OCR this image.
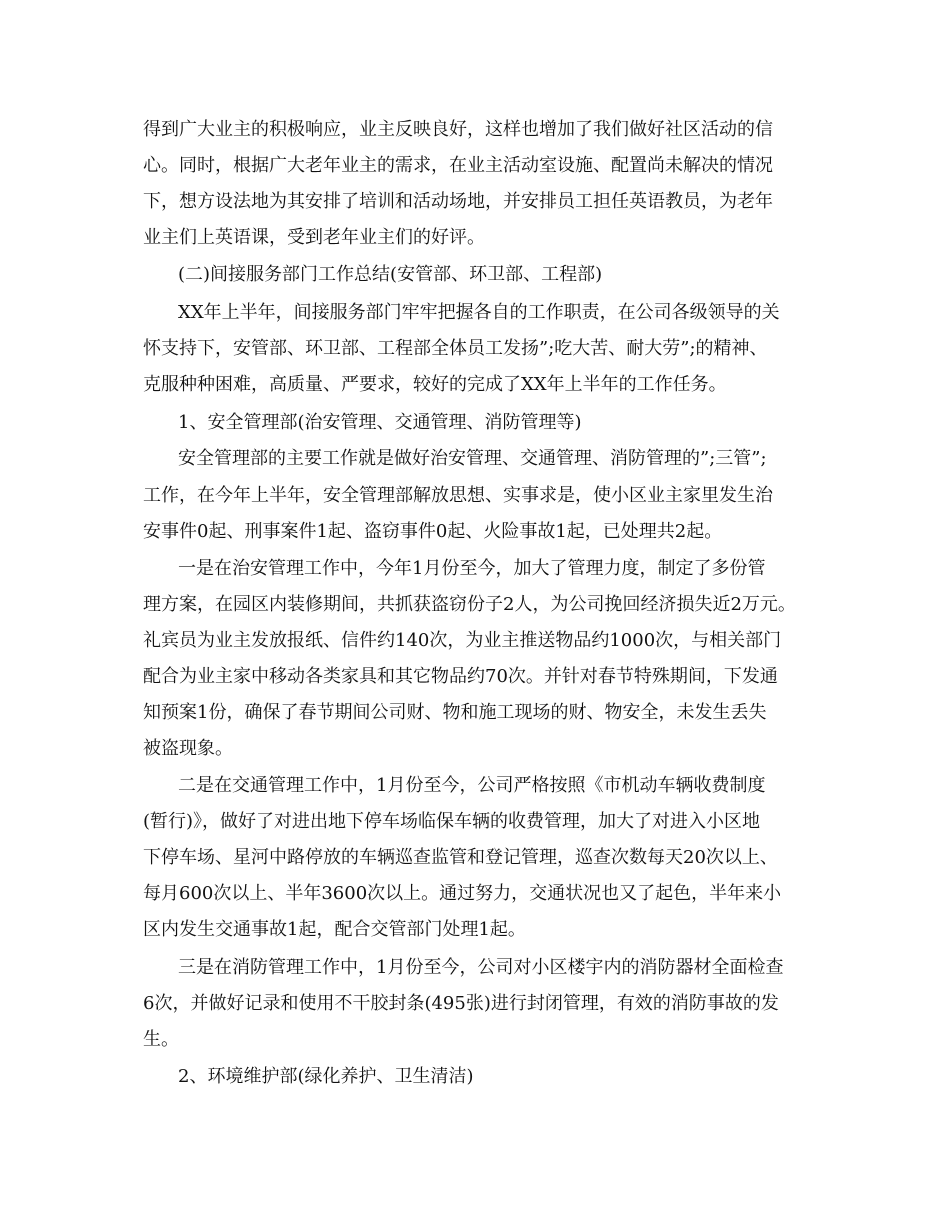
得到广大业主的积极响应，业主反映良好，这样也增加了我们做好社区活动的信
心。同时，根据广大老年业主的需求，在业主活动室设施、配置尚未解决的情况
下，想方设法地为其安排了培训和活动场地，并安排员工担任英语教员，为老年
业主们上英语课，受到老年业主们的好评。
(二)间接服务部门工作总结(安管部、环卫部、工程部)
XX年上半年，间接服务部门牢牢把握各自的工作职责，在公司各级领导的关
怀支持下，安管部、环卫部、工程部全体员工发扬”;吃大苦、耐大劳”;的精神、
克服种种困难，高质量、严要求，较好的完成了XX年上半年的工作任务。
1、安全管理部(治安管理、交通管理、消防管理等)
安全管理部的主要工作就是做好治安管理、交通管理、消防管理的”;三管”;
工作，在今年上半年，安全管理部解放思想、实事求是，使小区业主家里发生治
安事件0起、刑事案件1起、盗窃事件0起、火险事故1起，已处理共2起。
一是在治安管理工作中，今年1月份至今，加大了管理力度，制定了多份管
理方案，在园区内装修期间，共抓获盗窃份子2人，为公司挽回经济损失近2万元。
礼宾员为业主发放报纸、信件约140次，为业主推送物品约1000次，与相关部门
配合为业主家中移动各类家具和其它物品约70次。并针对春节特殊期间，下发通
知预案1份，确保了春节期间公司财、物和施工现场的财、物安全，未发生丢失
被盗现象。
二是在交通管理工作中，1月份至今，公司严格按照《市机动车辆收费制度
(暂行)》，做好了对进出地下停车场临保车辆的收费管理，加大了对进入小区地
下停车场、星河中路停放的车辆巡查监管和登记管理，巡查次数每天20次以上、
每月600次以上、半年3600次以上。通过努力，交通状况也又了起色，半年来小
区内发生交通事故1起，配合交管部门处理1起。
三是在消防管理工作中，1月份至今，公司对小区楼宇内的消防器材全面检查
6次，并做好记录和使用不干胶封条(495张)进行封闭管理，有效的消防事故的发
生。
2、环境维护部(绿化养护、卫生清洁)
